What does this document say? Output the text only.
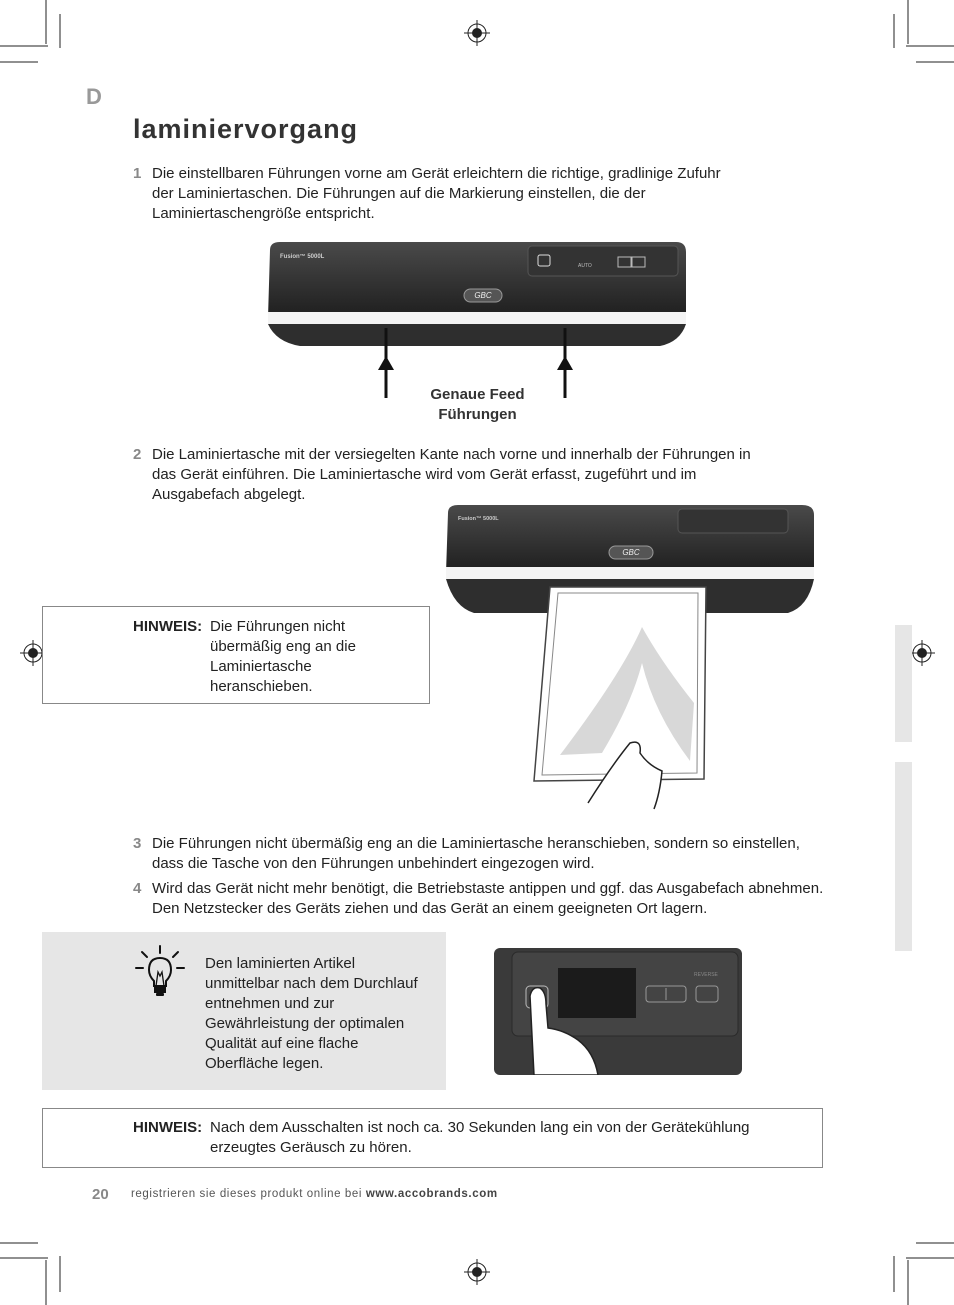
D
laminiervorgang
1 Die einstellbaren Führungen vorne am Gerät erleichtern die richtige, gradlinige Zufuhr der Laminiertaschen. Die Führungen auf die Markierung einstellen, die der Laminiertaschengröße entspricht.
Fusion™ 5000L
AUTO
GBC
Genaue Feed
Führungen
2 Die Laminiertasche mit der versiegelten Kante nach vorne und innerhalb der Führungen in das Gerät einführen. Die Laminiertasche wird vom Gerät erfasst, zugeführt und im Ausgabefach abgelegt.
Fusion™ 5000L
GBC
HINWEIS: Die Führungen nicht übermäßig eng an die Laminiertasche heranschieben.
3 Die Führungen nicht übermäßig eng an die Laminiertasche heranschieben, sondern so einstellen, dass die Tasche von den Führungen unbehindert eingezogen wird.
4 Wird das Gerät nicht mehr benötigt, die Betriebstaste antippen und ggf. das Ausgabefach abnehmen. Den Netzstecker des Geräts ziehen und das Gerät an einem geeigneten Ort lagern.
Den laminierten Artikel unmittelbar nach dem Durchlauf entnehmen und zur Gewährleistung der optimalen Qualität auf eine flache Oberfläche legen.
REVERSE
HINWEIS: Nach dem Ausschalten ist noch ca. 30 Sekunden lang ein von der Gerätekühlung erzeugtes Geräusch zu hören.
20 registrieren sie dieses produkt online bei www.accobrands.com
